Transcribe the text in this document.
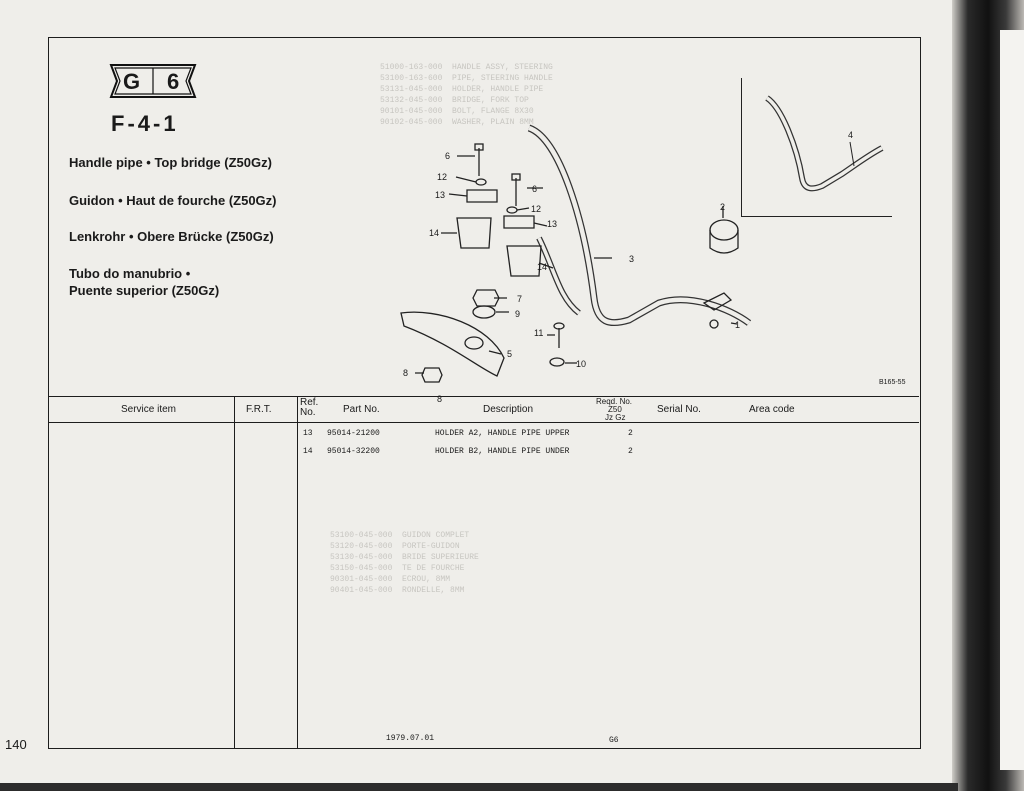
51000-163-000  HANDLE ASSY, STEERING
53100-163-600  PIPE, STEERING HANDLE
53131-045-000  HOLDER, HANDLE PIPE
53132-045-000  BRIDGE, FORK TOP
90101-045-000  BOLT, FLANGE 8X30
90102-045-000  WASHER, PLAIN 8MM
53100-045-000  GUIDON COMPLET
53120-045-000  PORTE-GUIDON
53130-045-000  BRIDE SUPERIEURE
53150-045-000  TE DE FOURCHE
90301-045-000  ECROU, 8MM
90401-045-000  RONDELLE, 8MM
G 6
F-4-1
Handle pipe • Top bridge (Z50Gz)
Guidon • Haut de fourche (Z50Gz)
Lenkrohr • Obere Brücke (Z50Gz)
Tubo do manubrio •
Puente superior (Z50Gz)
6
12
13
14
6
12
13
14
7
9
11
10
5
8
8
3
2
1
4
B165-55
Service item	F.R.T.
Ref. No.	Part No.	Description
Reqd. No.
Z50
Jz Gz
Serial No.	Area code
13 95014-21200	HOLDER A2, HANDLE PIPE UPPER	2
14 95014-32200	HOLDER B2, HANDLE PIPE UNDER	2
1979.07.01	G6
140
